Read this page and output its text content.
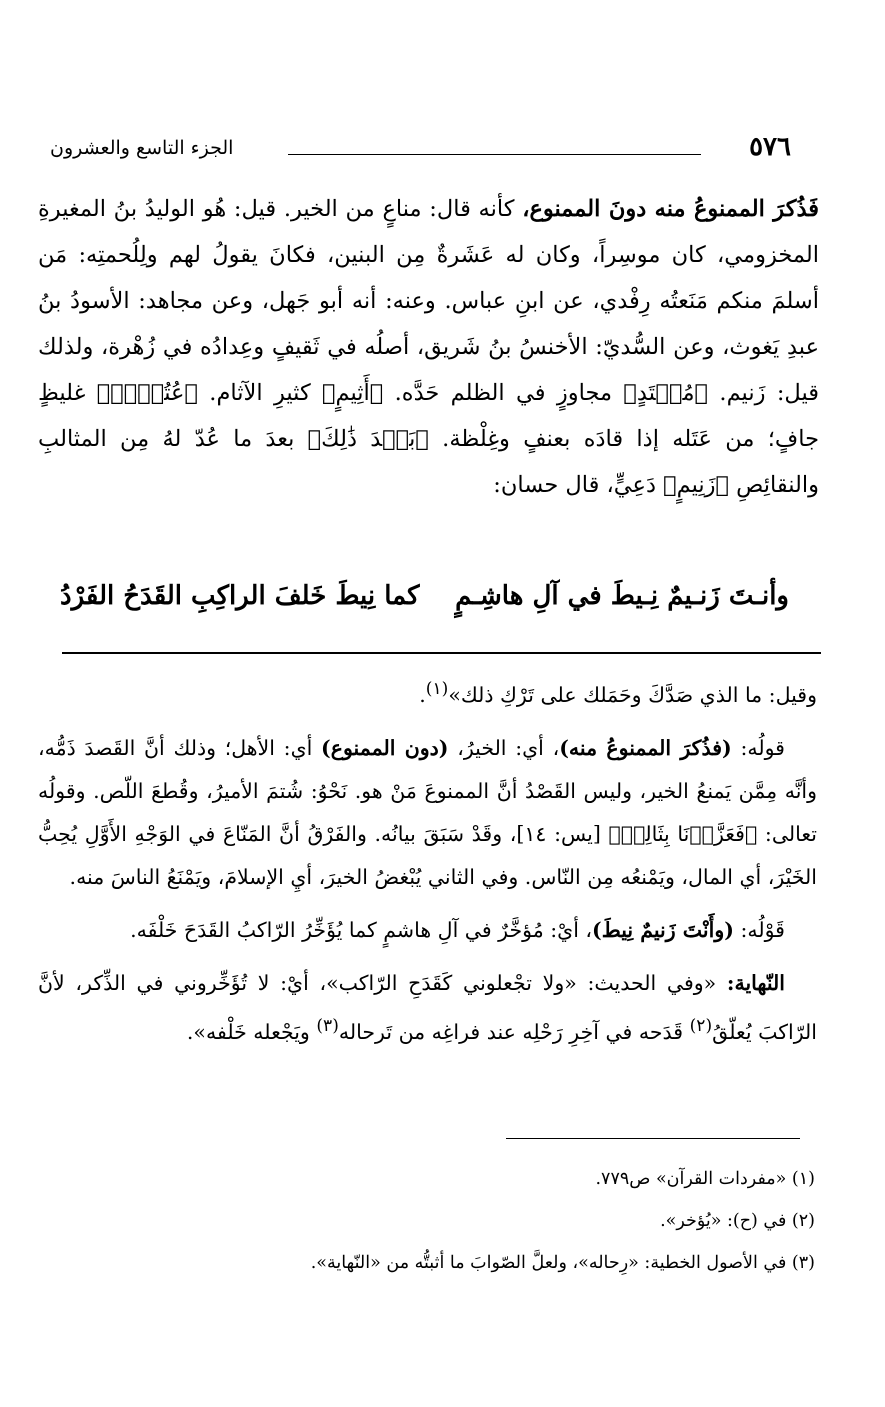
٥٧٦
الجزء التاسع والعشرون

فَذُكرَ الممنوعُ منه دونَ الممنوع، كأنه قال: مناعٍ من الخير. قيل: هُو الوليدُ بنُ المغيرةِ المخزومي، كان موسِراً، وكان له عَشَرةٌ مِن البنين، فكانَ يقولُ لهم ولِلُحمتِه: مَن أسلمَ منكم مَنَعتُه رِفْدي، عن ابنِ عباس. وعنه: أنه أبو جَهل، وعن مجاهد: الأسودُ بنُ عبدِ يَغوث، وعن السُّديّ: الأخنسُ بنُ شَريق، أصلُه في ثَقيفٍ وعِدادُه في زُهْرة، ولذلك قيل: زَنيم. ﴿مُعۡتَدٍ﴾ مجاوزٍ في الظلم حَدَّه. ﴿أَثِيمٍ﴾ كثيرِ الآثام. ﴿عُتُلِّۢ﴾ غليظٍ جافٍ؛ من عَتَله إذا قادَه بعنفٍ وغِلْظة. ﴿بَعۡدَ ذَٰلِكَ﴾ بعدَ ما عُدّ لهُ مِن المثالبِ والنقائِصِ ﴿زَنِيمٍ﴾ دَعِيٍّ، قال حسان:

وأنـتَ زَنـيمٌ نِـيطَ في آلِ هاشِـمٍ
كما نِيطَ خَلفَ الراكِبِ القَدَحُ الفَرْدُ

وقيل: ما الذي صَدَّكَ وحَمَلك على تَرْكِ ذلك»$^{(١)}$.

قولُه: (فذُكرَ الممنوعُ منه)، أي: الخيرُ، (دون الممنوع) أي: الأهل؛ وذلك أنَّ القَصدَ ذَمُّه، وأنَّه مِمَّن يَمنعُ الخير، وليس القَصْدُ أنَّ الممنوعَ مَنْ هو. نَحْوُ: شُتمَ الأميرُ، وقُطعَ اللّص. وقولُه تعالى: ﴿فَعَزَّزۡنَا بِثَالِثٖ﴾ [يس: ١٤]، وقَدْ سَبَقَ بيانُه. والفَرْقُ أنَّ المَنّاعَ في الوَجْهِ الأَوَّلِ يُحِبُّ الخَيْرَ، أي المال، ويَمْنعُه مِن النّاس. وفي الثاني يُبْغضُ الخيرَ، أيِ الإسلامَ، ويَمْنَعُ الناسَ منه.

قَوْلُه: (وأَنْتَ زَنيمٌ نِيطَ)، أيْ: مُؤخَّرٌ في آلِ هاشمٍ كما يُؤَخِّرُ الرّاكبُ القَدَحَ خَلْفَه.

النّهاية: «وفي الحديث: «ولا تجْعلوني كَقَدَحِ الرّاكب»، أيْ: لا تُؤَخِّروني في الذِّكر، لأنَّ الرّاكبَ يُعلّقُ$^{(٢)}$ قَدَحه في آخِرِ رَحْلِه عند فراغِه من تَرحاله$^{(٣)}$ ويَجْعله خَلْفه».

(١) «مفردات القرآن» ص٧٧٩.

(٢) في (ح): «يُؤخر».

(٣) في الأصول الخطية: «رِحاله»، ولعلَّ الصّوابَ ما أثبتُّه من «النّهاية».
